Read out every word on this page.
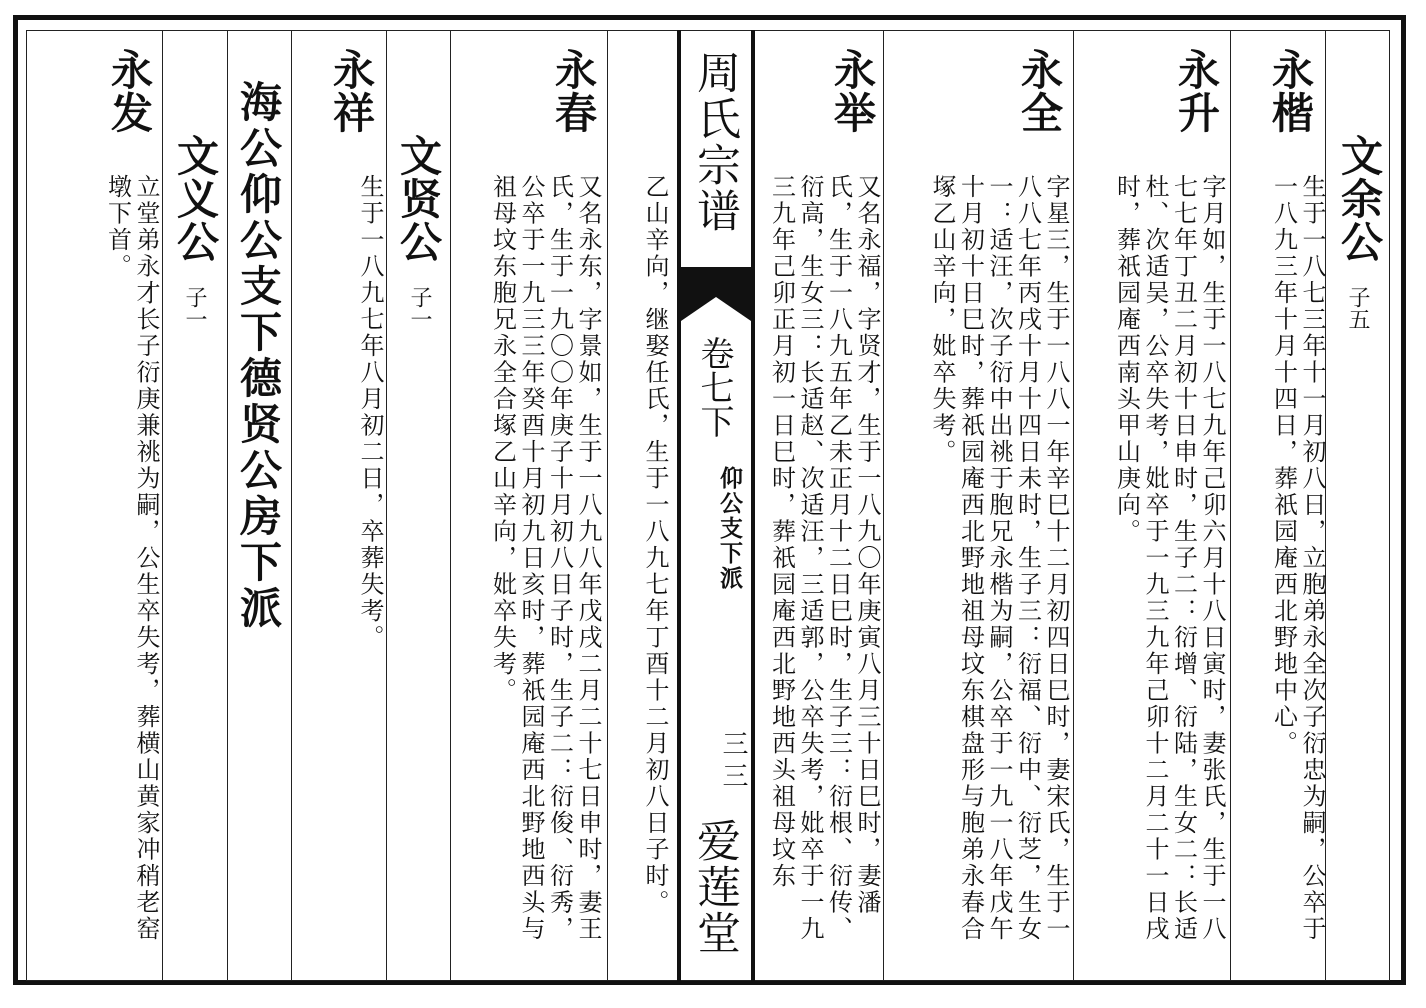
文余公
子五
永楷
生于一八七三年十一月初八日，立胞弟永全次子衍忠为嗣，公卒于一八九三年十月十四日，葬祇园庵西北野地中心。
永升
字月如，生于一八七九年己卯六月十八日寅时，妻张氏，生于一八七七年丁丑二月初十日申时，生子二：衍增、衍陆，生女二：长适杜、次适吴，公卒失考，妣卒于一九三九年己卯十二月二十一日戌时，葬祇园庵西南头甲山庚向。
永全
字星三，生于一八八一年辛巳十二月初四日巳时，妻宋氏，生于一八八七年丙戌十月十四日未时，生子三：衍福、衍中、衍芝，生女一：适汪，次子衍中出祧于胞兄永楷为嗣，公卒于一九一八年戊午十月初十日巳时，葬祇园庵西北野地祖母坟东棋盘形与胞弟永春合塚乙山辛向，妣卒失考。
永举
又名永福，字贤才，生于一八九〇年庚寅八月三十日巳时，妻潘氏，生于一八九五年乙未正月十二日巳时，生子三：衍根、衍传、衍高，生女三：长适赵、次适汪，三适郭，公卒失考，妣卒于一九三九年己卯正月初一日巳时，葬祇园庵西北野地西头祖母坟东
周氏宗谱
卷七下
仰公支下派
三三
爱莲堂
乙山辛向，继娶任氏，生于一八九七年丁酉十二月初八日子时。
永春
又名永东，字景如，生于一八九八年戊戌二月二十七日申时，妻王氏，生于一九〇〇年庚子十月初八日子时，生子二：衍俊、衍秀，公卒于一九三三年癸酉十月初九日亥时，葬祇园庵西北野地西头与祖母坟东胞兄永全合塚乙山辛向，妣卒失考。
文贤公
子一
永祥
生于一八九七年八月初二日，卒葬失考。
海公仰公支下德贤公房下派
文义公
子一
永发
立堂弟永才长子衍庚兼祧为嗣，公生卒失考，葬横山黄家冲稍老窑墩下首。
